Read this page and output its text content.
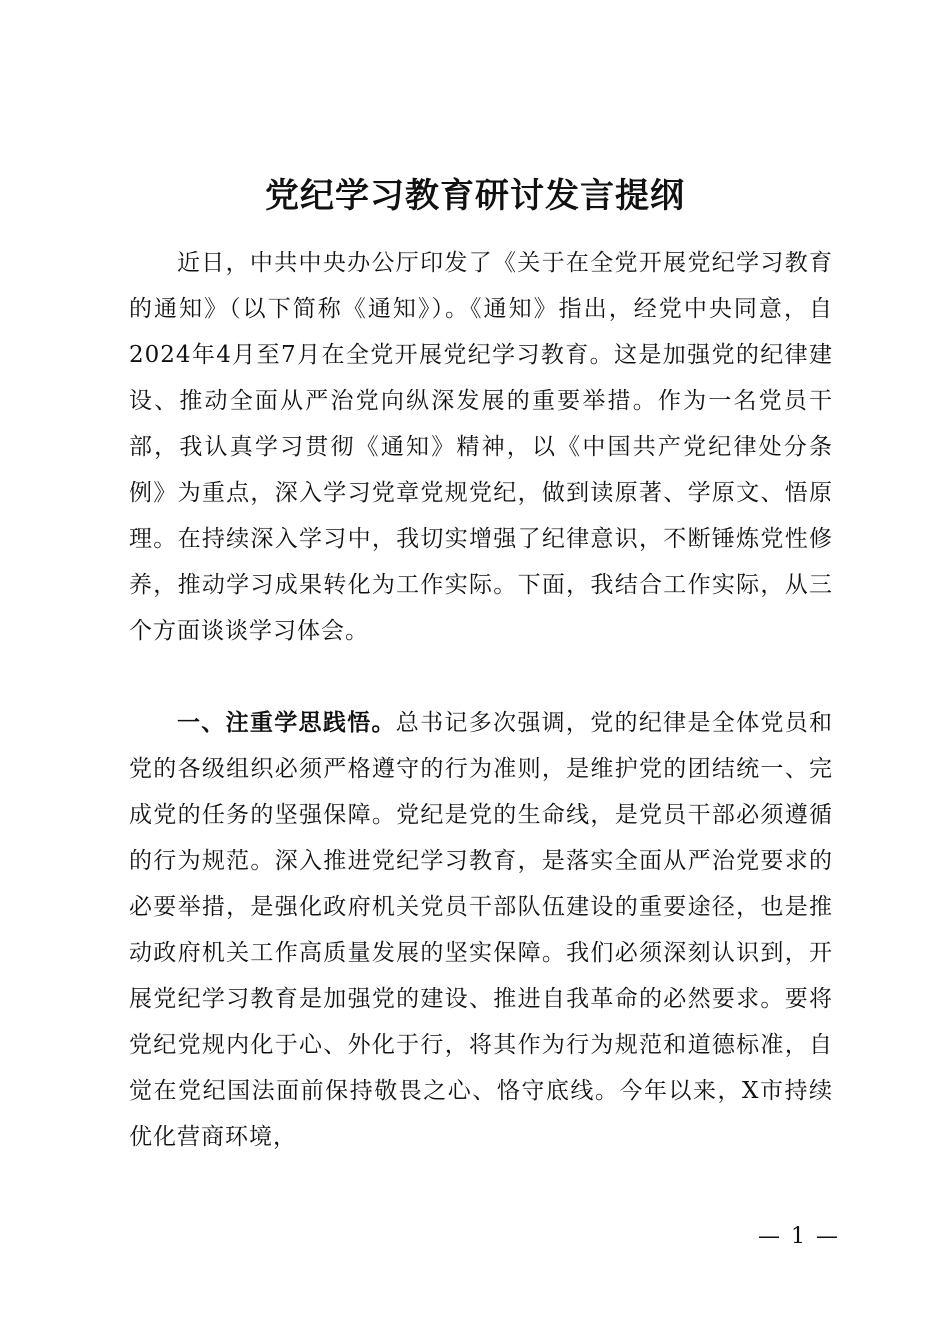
党纪学习教育研讨发言提纲

近日，中共中央办公厅印发了《关于在全党开展党纪学习教育的通知》（以下简称《通知》）。《通知》指出，经党中央同意，自2024年4月至7月在全党开展党纪学习教育。这是加强党的纪律建设、推动全面从严治党向纵深发展的重要举措。作为一名党员干部，我认真学习贯彻《通知》精神，以《中国共产党纪律处分条例》为重点，深入学习党章党规党纪，做到读原著、学原文、悟原理。在持续深入学习中，我切实增强了纪律意识，不断锤炼党性修养，推动学习成果转化为工作实际。下面，我结合工作实际，从三个方面谈谈学习体会。

一、注重学思践悟。总书记多次强调，党的纪律是全体党员和党的各级组织必须严格遵守的行为准则，是维护党的团结统一、完成党的任务的坚强保障。党纪是党的生命线，是党员干部必须遵循的行为规范。深入推进党纪学习教育，是落实全面从严治党要求的必要举措，是强化政府机关党员干部队伍建设的重要途径，也是推动政府机关工作高质量发展的坚实保障。我们必须深刻认识到，开展党纪学习教育是加强党的建设、推进自我革命的必然要求。要将党纪党规内化于心、外化于行，将其作为行为规范和道德标准，自觉在党纪国法面前保持敬畏之心、恪守底线。今年以来，X市持续优化营商环境，

— 1 —
